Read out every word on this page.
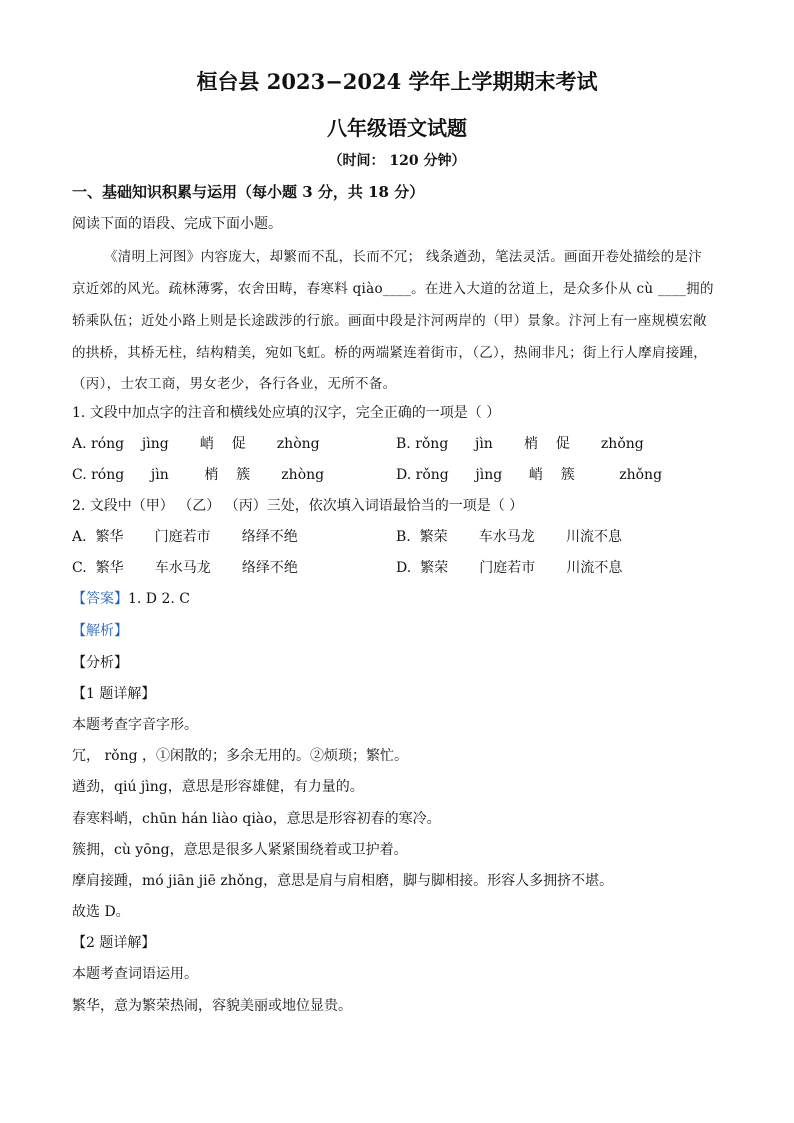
桓台县 2023−2024 学年上学期期末考试
八年级语文试题
（时间： 120 分钟）
一、基础知识积累与运用（每小题 3 分，共 18 分）
阅读下面的语段、完成下面小题。
《清明上河图》内容庞大，却繁而不乱，长而不冗； 线条遒劲，笔法灵活。画面开卷处描绘的是汴
京近郊的风光。疏林薄雾，农舍田畴，春寒料 qiào____。在进入大道的岔道上，是众多仆从 cù ____拥的
轿乘队伍；近处小路上则是长途跋涉的行旅。画面中段是汴河两岸的（甲）景象。汴河上有一座规模宏敞
的拱桥，其桥无柱，结构精美，宛如飞虹。桥的两端紧连着街市，（乙），热闹非凡；街上行人摩肩接踵，
（丙），士农工商，男女老少，各行各业，无所不备。
1. 文段中加点字的注音和横线处应填的汉字，完全正确的一项是（ ）
A. róng    jìng       峭    促       zhòng	B. rǒng      jìn       梢    促       zhǒng
C. róng      jìn        梢    簇       zhòng	D. rǒng      jìng      峭    簇          zhǒng
2. 文段中（甲） （乙） （丙）三处，依次填入词语最恰当的一项是（ ）
A.  繁华       门庭若市       络绎不绝	B.  繁荣       车水马龙       川流不息
C.  繁华       车水马龙       络绎不绝	D.  繁荣       门庭若市       川流不息
【答案】1. D 2. C
【解析】
【分析】
【1 题详解】
本题考查字音字形。
冗， rǒng ，①闲散的；多余无用的。②烦琐；繁忙。
遒劲，qiú jìng，意思是形容雄健，有力量的。
春寒料峭，chūn hán liào qiào，意思是形容初春的寒冷。
簇拥，cù yōng，意思是很多人紧紧围绕着或卫护着。
摩肩接踵，mó jiān jiē zhǒng，意思是肩与肩相磨，脚与脚相接。形容人多拥挤不堪。
故选 D。
【2 题详解】
本题考查词语运用。
繁华，意为繁荣热闹，容貌美丽或地位显贵。
